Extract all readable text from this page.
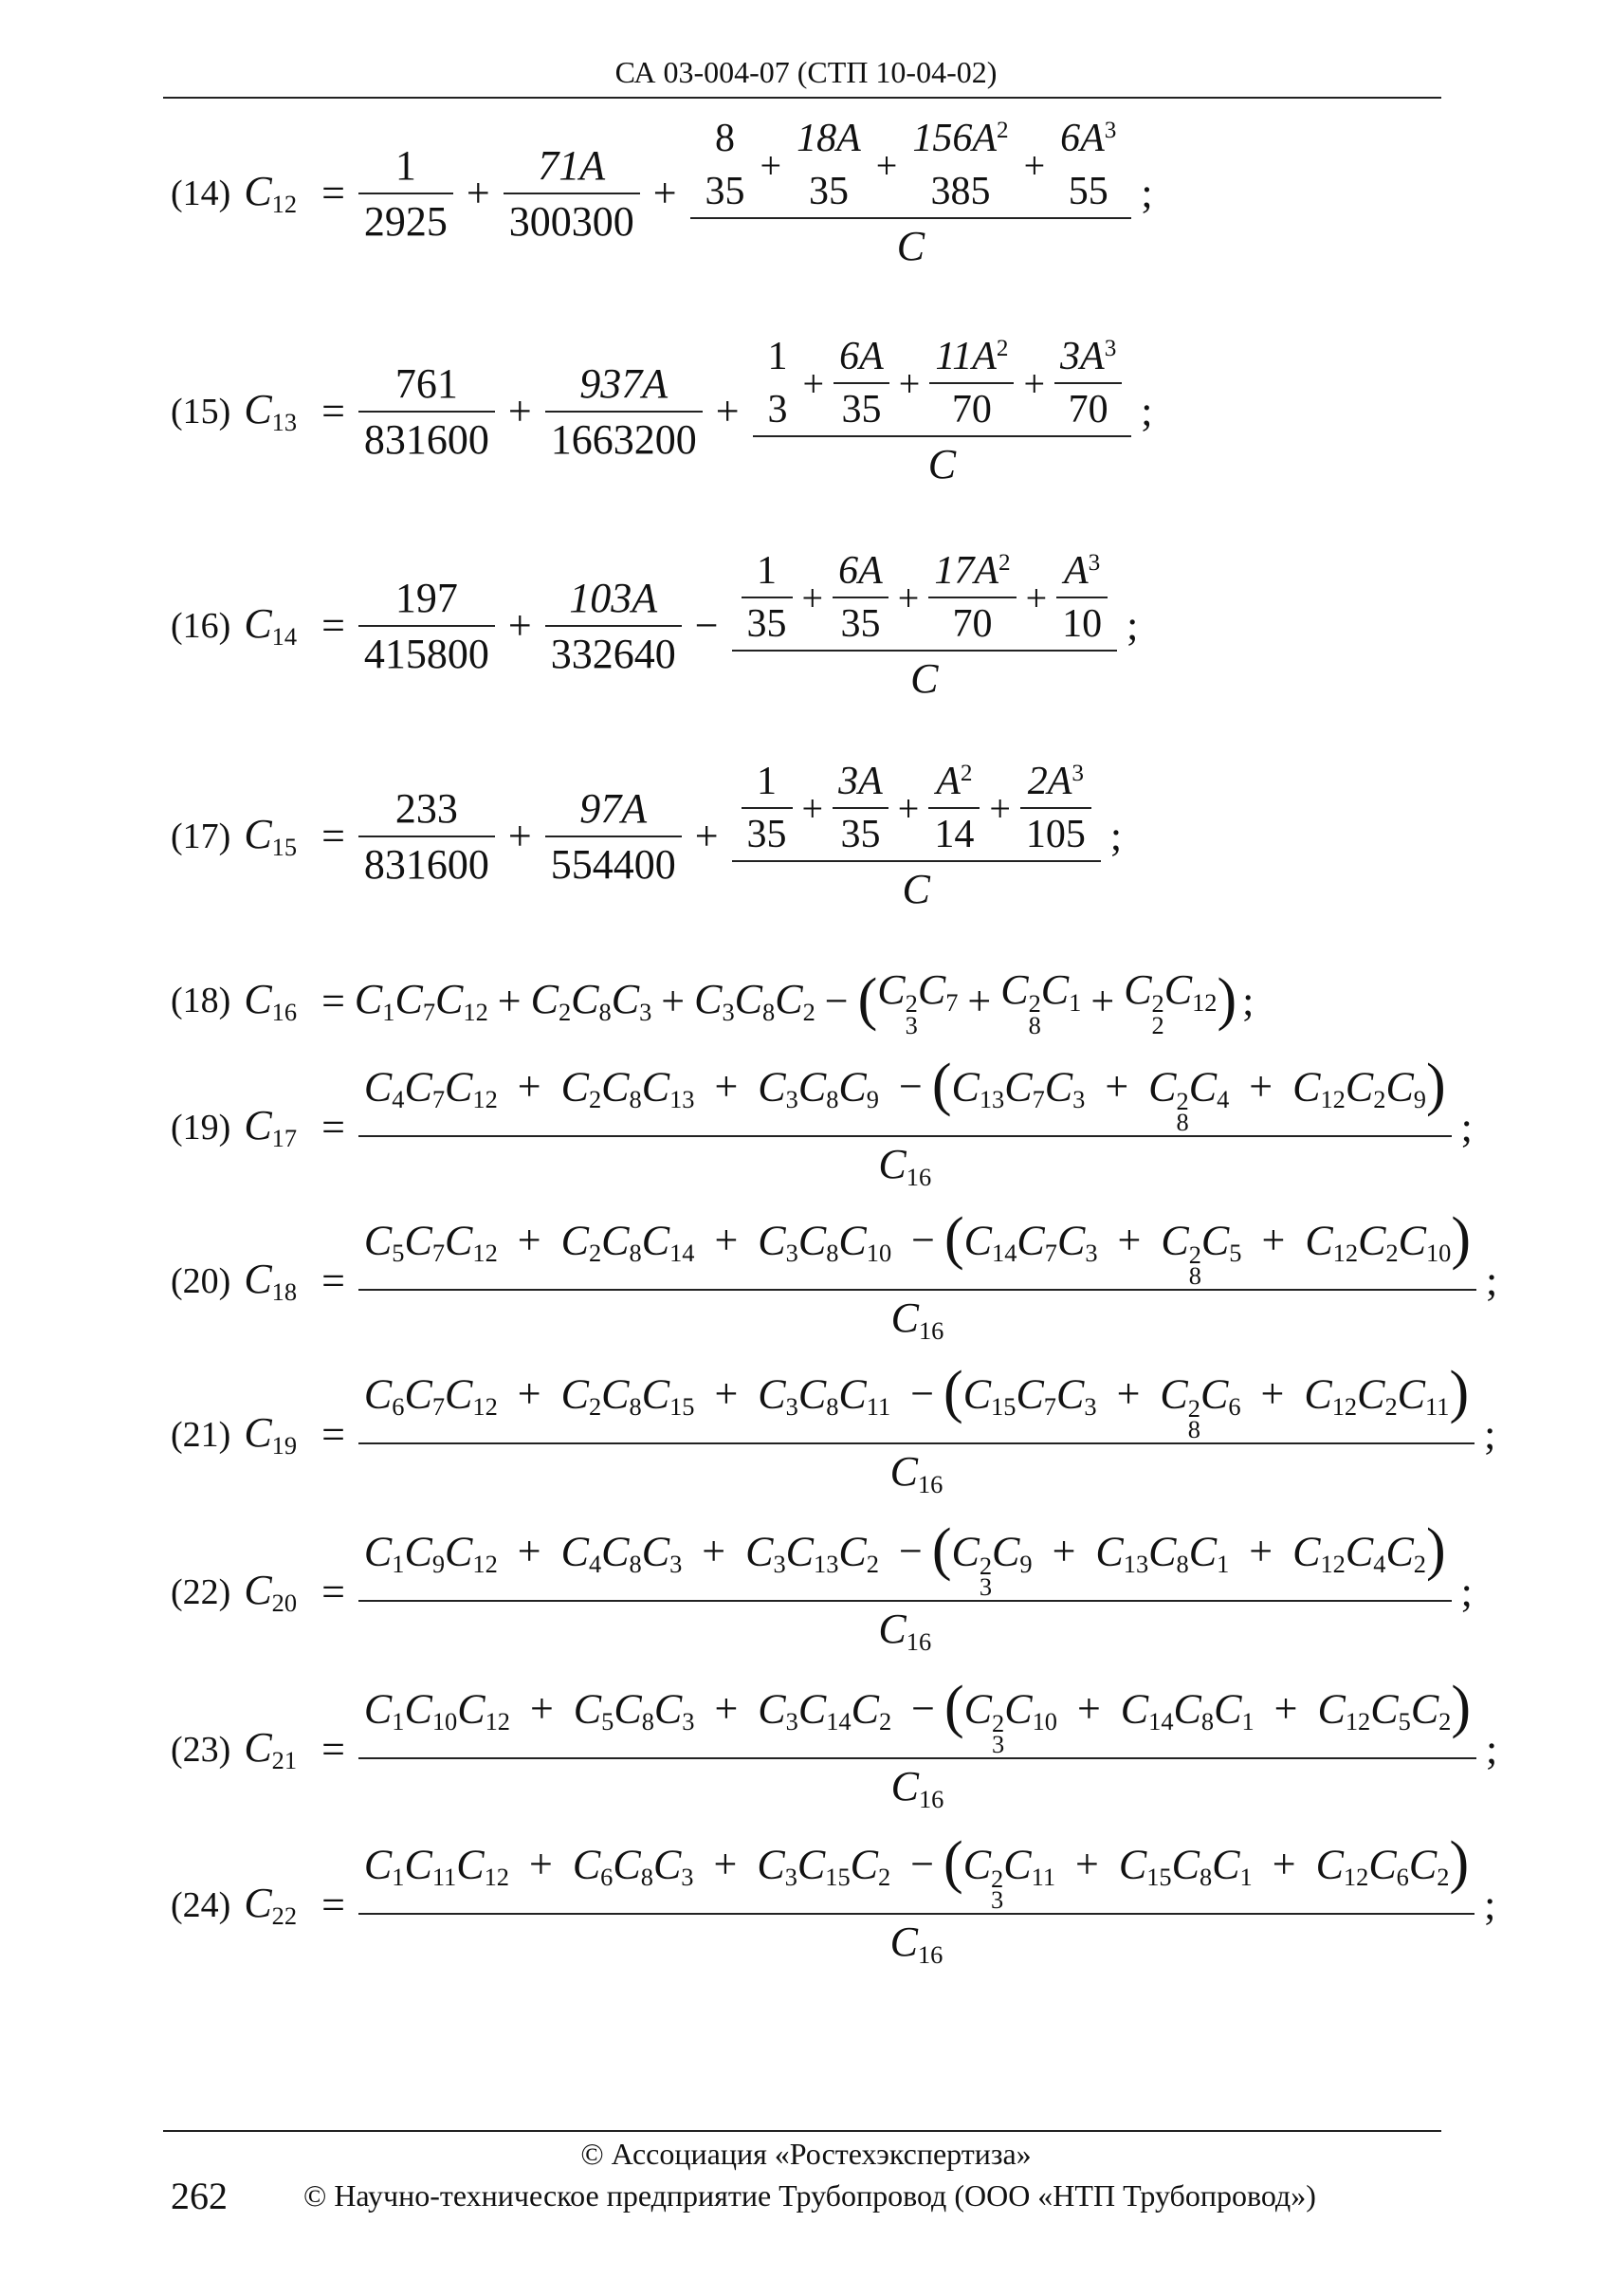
СА 03-004-07 (СТП 10-04-02)
(14) $C_{12} = \frac{1}{2925} + \frac{71A}{300300}$ +
8
35
+
18A
35
+
$156A^2$
385
+
$6A^3$
55
C
;
(15) $C_{13} = \frac{761}{831600} + \frac{937A}{1663200}$ +
1
3
+ $\frac{6A}{35} + \frac{11A^2}{70} + \frac{3A^3}{70}$
C
;
(16) $C_{14} = \frac{197}{415800} + \frac{103A}{332640} - \frac{1}{35} + \frac{6A}{35} + \frac{17A^2}{70} + \frac{A^3}{10}$
C
;
(17) $C_{15} = \frac{233}{831600} + \frac{97A}{554400} + \frac{1}{35} + \frac{3A}{35} + \frac{A^2}{14} + \frac{2A^3}{105}$
C
;
(18) $C_{16} = C_1C_7C_{12} + C_2C_8C_3 + C_3C_8C_2$ − ( C 2
3
$C_7 + C$ 2
8
$C_1 + C$ 2
2
$C_{12}$ ) ;
(19) $C_{17} = C_4C_7C_{12} + C_2C_8C_{13} + C_3C_8C_9 - (C_{13}C_7C_3 + C$ 2
8
$C_4 + C_{12}C_2C_9$)
$C_{16}$ ;
(20) $C_{18} = C_5C_7C_{12} + C_2C_8C_{14} + C_3C_8C_{10} - (C_{14}C_7C_3 + C$ 2
8
$C_5 + C_{12}C_2C_{10}$)
$C_{16}$ ;
(21) $C_{19} = C_6C_7C_{12} + C_2C_8C_{15} + C_3C_8C_{11} - (C_{15}C_7C_3 + C$ 2
8
$C_6 + C_{12}C_2C_{11}$)
$C_{16}$ ;
(22) $C_{20} = C_1C_9C_{12} + C_4C_8C_3 + C_3C_{13}C_2 - (C$ 2
3
$C_9 + C_{13}C_8C_1 + C_{12}C_4C_2$)
$C_{16}$ ;
(23) $C_{21} = C_1C_{10}C_{12} + C_5C_8C_3 + C_3C_{14}C_2 - (C$ 2
3
$C_{10} + C_{14}C_8C_1 + C_{12}C_5C_2$)
$C_{16}$ ;
(24) $C_{22} = C_1C_{11}C_{12} + C_6C_8C_3 + C_3C_{15}C_2 - (C$ 2
3
$C_{11} + C_{15}C_8C_1 + C_{12}C_6C_2$)
$C_{16}$ ;
© Ассоциация «Ростехэкспертиза»
262	© Научно-техническое предприятие Трубопровод (ООО «НТП Трубопровод»)
